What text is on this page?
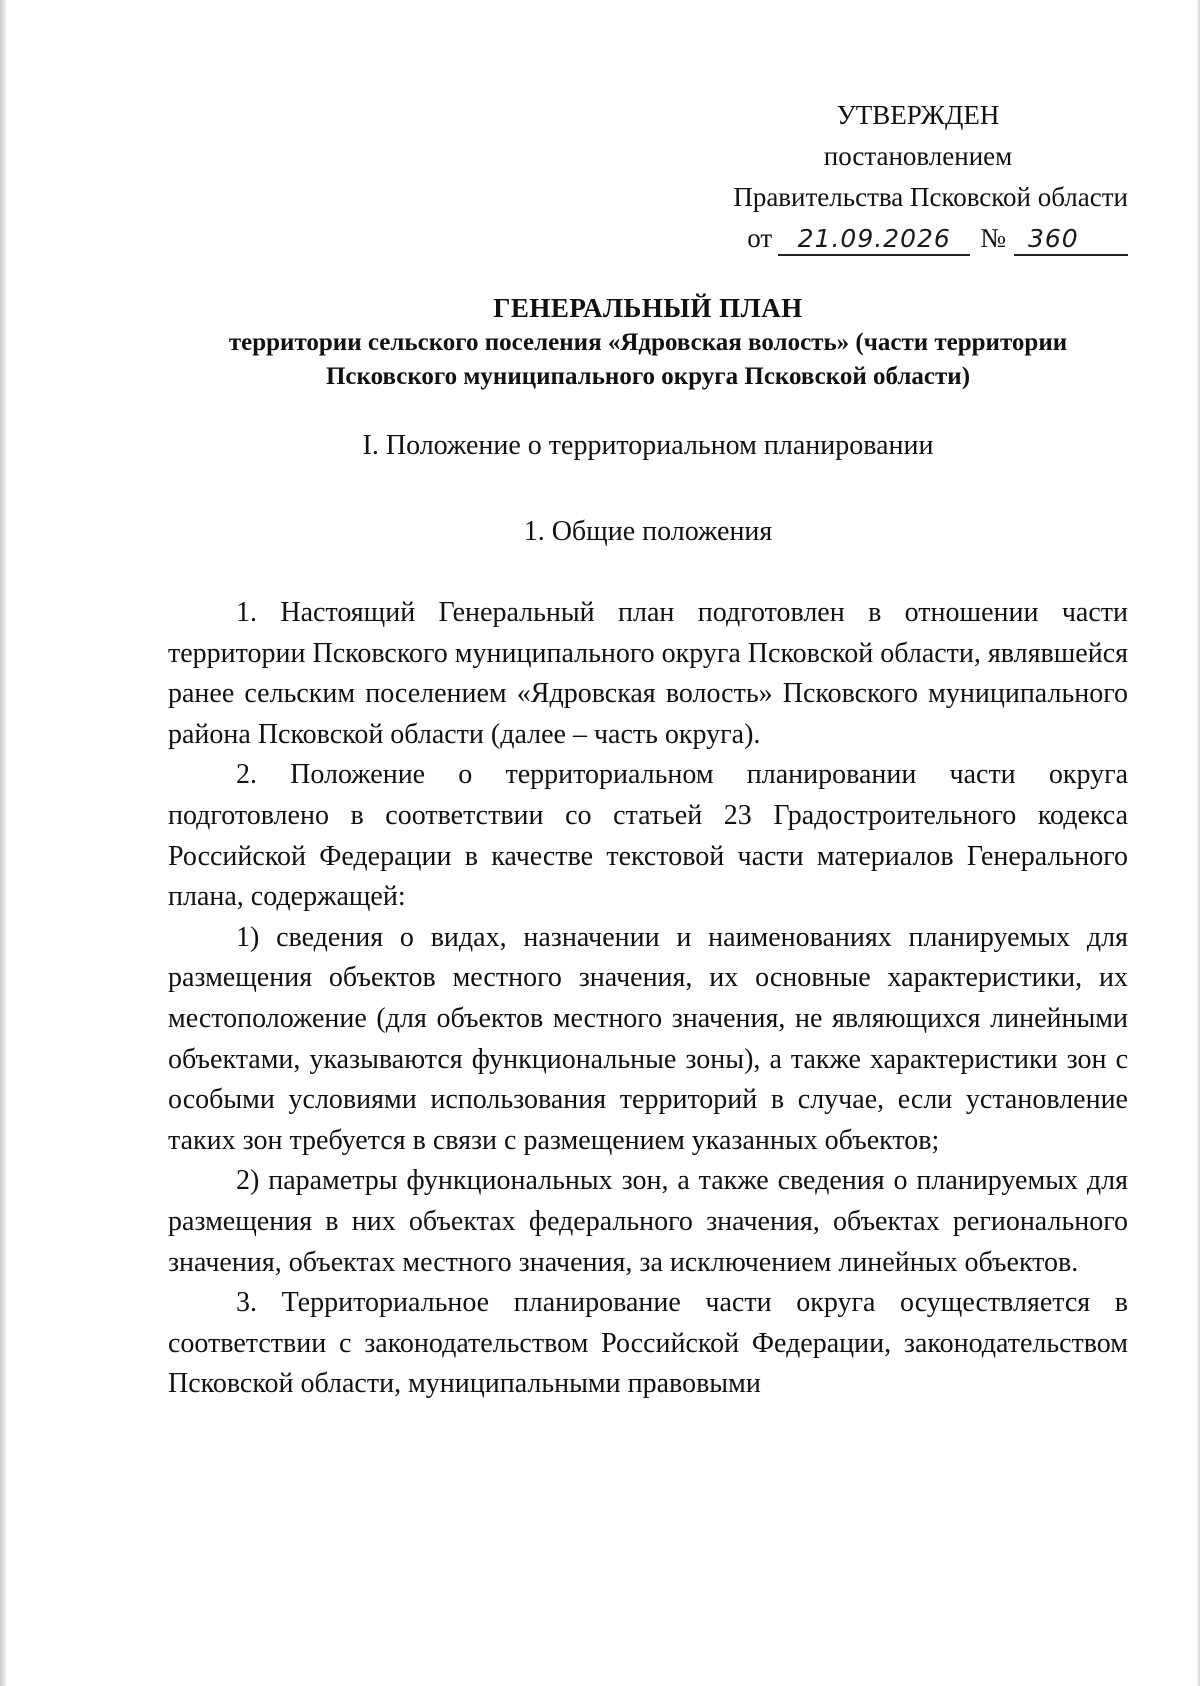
УТВЕРЖДЕН
постановлением
Правительства Псковской области
от	21.09.2026	№ 360
ГЕНЕРАЛЬНЫЙ ПЛАН
территории сельского поселения «Ядровская волость» (части территории
Псковского муниципального округа Псковской области)
I. Положение о территориальном планировании
1. Общие положения

1. Настоящий Генеральный план подготовлен в отношении части территории Псковского муниципального округа Псковской области, являвшейся ранее сельским поселением «Ядровская волость» Псковского муниципального района Псковской области (далее – часть округа).

2. Положение о территориальном планировании части округа подготовлено в соответствии со статьей 23 Градостроительного кодекса Российской Федерации в качестве текстовой части материалов Генерального плана, содержащей:

1) сведения о видах, назначении и наименованиях планируемых для размещения объектов местного значения, их основные характеристики, их местоположение (для объектов местного значения, не являющихся линейными объектами, указываются функциональные зоны), а также характеристики зон с особыми условиями использования территорий в случае, если установление таких зон требуется в связи с размещением указанных объектов;

2) параметры функциональных зон, а также сведения о планируемых для размещения в них объектах федерального значения, объектах регионального значения, объектах местного значения, за исключением линейных объектов.

3. Территориальное планирование части округа осуществляется в соответствии с законодательством Российской Федерации, законодательством Псковской области, муниципальными правовыми
